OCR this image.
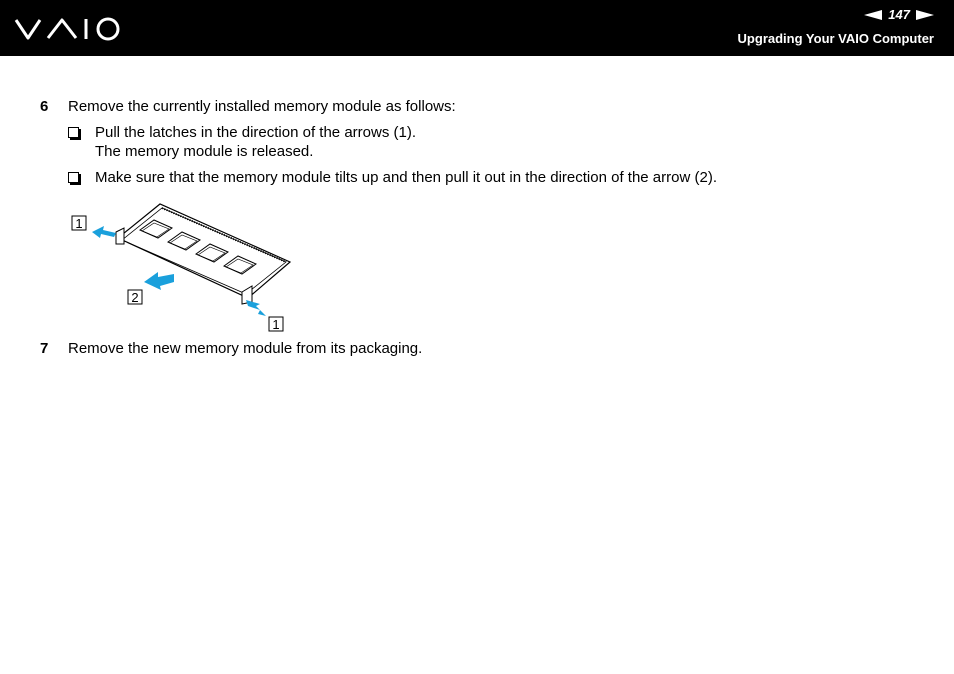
147
Upgrading Your VAIO Computer
6 Remove the currently installed memory module as follows:
Pull the latches in the direction of the arrows (1).
The memory module is released.
Make sure that the memory module tilts up and then pull it out in the direction of the arrow (2).
1
2
1
7 Remove the new memory module from its packaging.
